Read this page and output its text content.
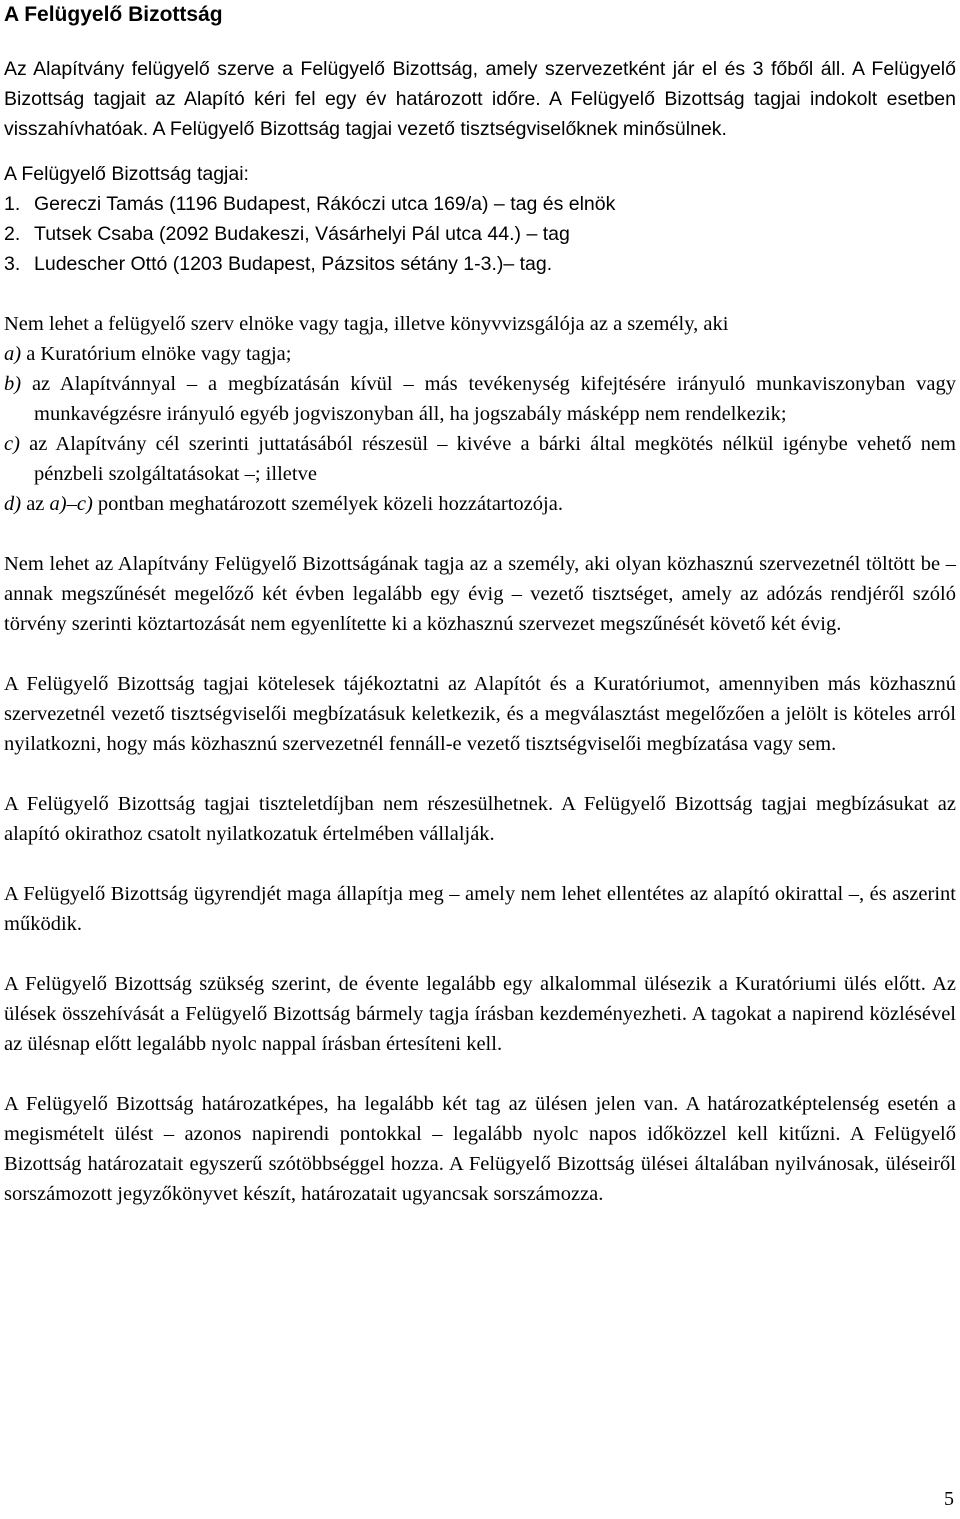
A Felügyelő Bizottság

Az Alapítvány felügyelő szerve a Felügyelő Bizottság, amely szervezetként jár el és 3 főből áll. A Felügyelő Bizottság tagjait az Alapító kéri fel egy év határozott időre. A Felügyelő Bizottság tagjai indokolt esetben visszahívhatóak. A Felügyelő Bizottság tagjai vezető tisztségviselőknek minősülnek.

A Felügyelő Bizottság tagjai:

1. Gereczi Tamás (1196 Budapest, Rákóczi utca 169/a) – tag és elnök
2. Tutsek Csaba (2092 Budakeszi, Vásárhelyi Pál utca 44.) – tag
3. Ludescher Ottó (1203 Budapest, Pázsitos sétány 1-3.)– tag.
Nem lehet a felügyelő szerv elnöke vagy tagja, illetve könyvvizsgálója az a személy, aki
a) a Kuratórium elnöke vagy tagja;
b) az Alapítvánnyal – a megbízatásán kívül – más tevékenység kifejtésére irányuló munkaviszonyban vagy munkavégzésre irányuló egyéb jogviszonyban áll, ha jogszabály másképp nem rendelkezik;
c) az Alapítvány cél szerinti juttatásából részesül – kivéve a bárki által megkötés nélkül igénybe vehető nem pénzbeli szolgáltatásokat –; illetve
d) az a)–c) pontban meghatározott személyek közeli hozzátartozója.

Nem lehet az Alapítvány Felügyelő Bizottságának tagja az a személy, aki olyan közhasznú szervezetnél töltött be – annak megszűnését megelőző két évben legalább egy évig – vezető tisztséget, amely az adózás rendjéről szóló törvény szerinti köztartozását nem egyenlítette ki a közhasznú szervezet megszűnését követő két évig.

A Felügyelő Bizottság tagjai kötelesek tájékoztatni az Alapítót és a Kuratóriumot, amennyiben más közhasznú szervezetnél vezető tisztségviselői megbízatásuk keletkezik, és a megválasztást megelőzően a jelölt is köteles arról nyilatkozni, hogy más közhasznú szervezetnél fennáll-e vezető tisztségviselői megbízatása vagy sem.

A Felügyelő Bizottság tagjai tiszteletdíjban nem részesülhetnek. A Felügyelő Bizottság tagjai megbízásukat az alapító okirathoz csatolt nyilatkozatuk értelmében vállalják.

A Felügyelő Bizottság ügyrendjét maga állapítja meg – amely nem lehet ellentétes az alapító okirattal –, és aszerint működik.

A Felügyelő Bizottság szükség szerint, de évente legalább egy alkalommal ülésezik a Kuratóriumi ülés előtt. Az ülések összehívását a Felügyelő Bizottság bármely tagja írásban kezdeményezheti. A tagokat a napirend közlésével az ülésnap előtt legalább nyolc nappal írásban értesíteni kell.

A Felügyelő Bizottság határozatképes, ha legalább két tag az ülésen jelen van. A határozatképtelenség esetén a megismételt ülést – azonos napirendi pontokkal – legalább nyolc napos időközzel kell kitűzni. A Felügyelő Bizottság határozatait egyszerű szótöbbséggel hozza. A Felügyelő Bizottság ülései általában nyilvánosak, üléseiről sorszámozott jegyzőkönyvet készít, határozatait ugyancsak sorszámozza.

5
